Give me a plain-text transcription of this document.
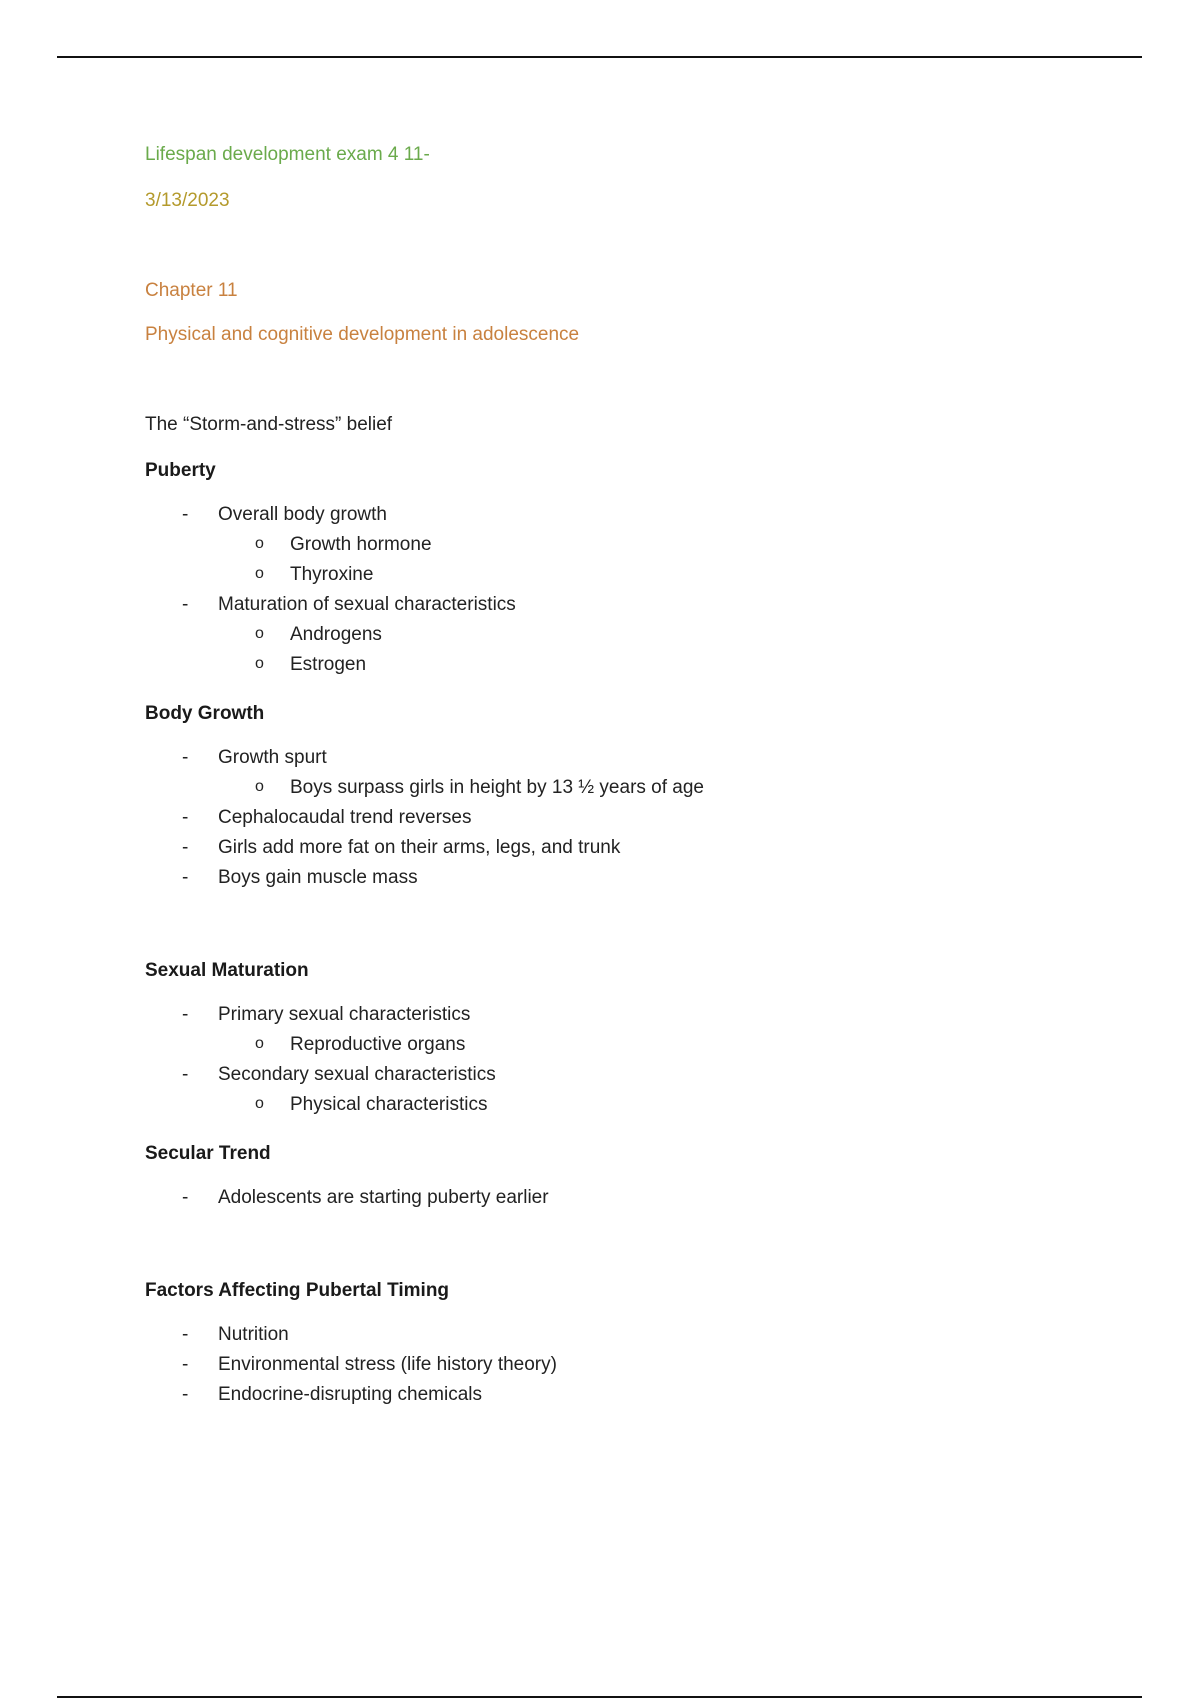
Lifespan development exam 4 11-

3/13/2023

Chapter 11

Physical and cognitive development in adolescence

The “Storm-and-stress” belief

Puberty

- Overall body growth
o Growth hormone
o Thyroxine
- Maturation of sexual characteristics
o Androgens
o Estrogen

Body Growth

- Growth spurt
o Boys surpass girls in height by 13 ½ years of age
- Cephalocaudal trend reverses
- Girls add more fat on their arms, legs, and trunk
- Boys gain muscle mass

Sexual Maturation

- Primary sexual characteristics
o Reproductive organs
- Secondary sexual characteristics
o Physical characteristics

Secular Trend

- Adolescents are starting puberty earlier

Factors Affecting Pubertal Timing

- Nutrition
- Environmental stress (life history theory)
- Endocrine-disrupting chemicals
